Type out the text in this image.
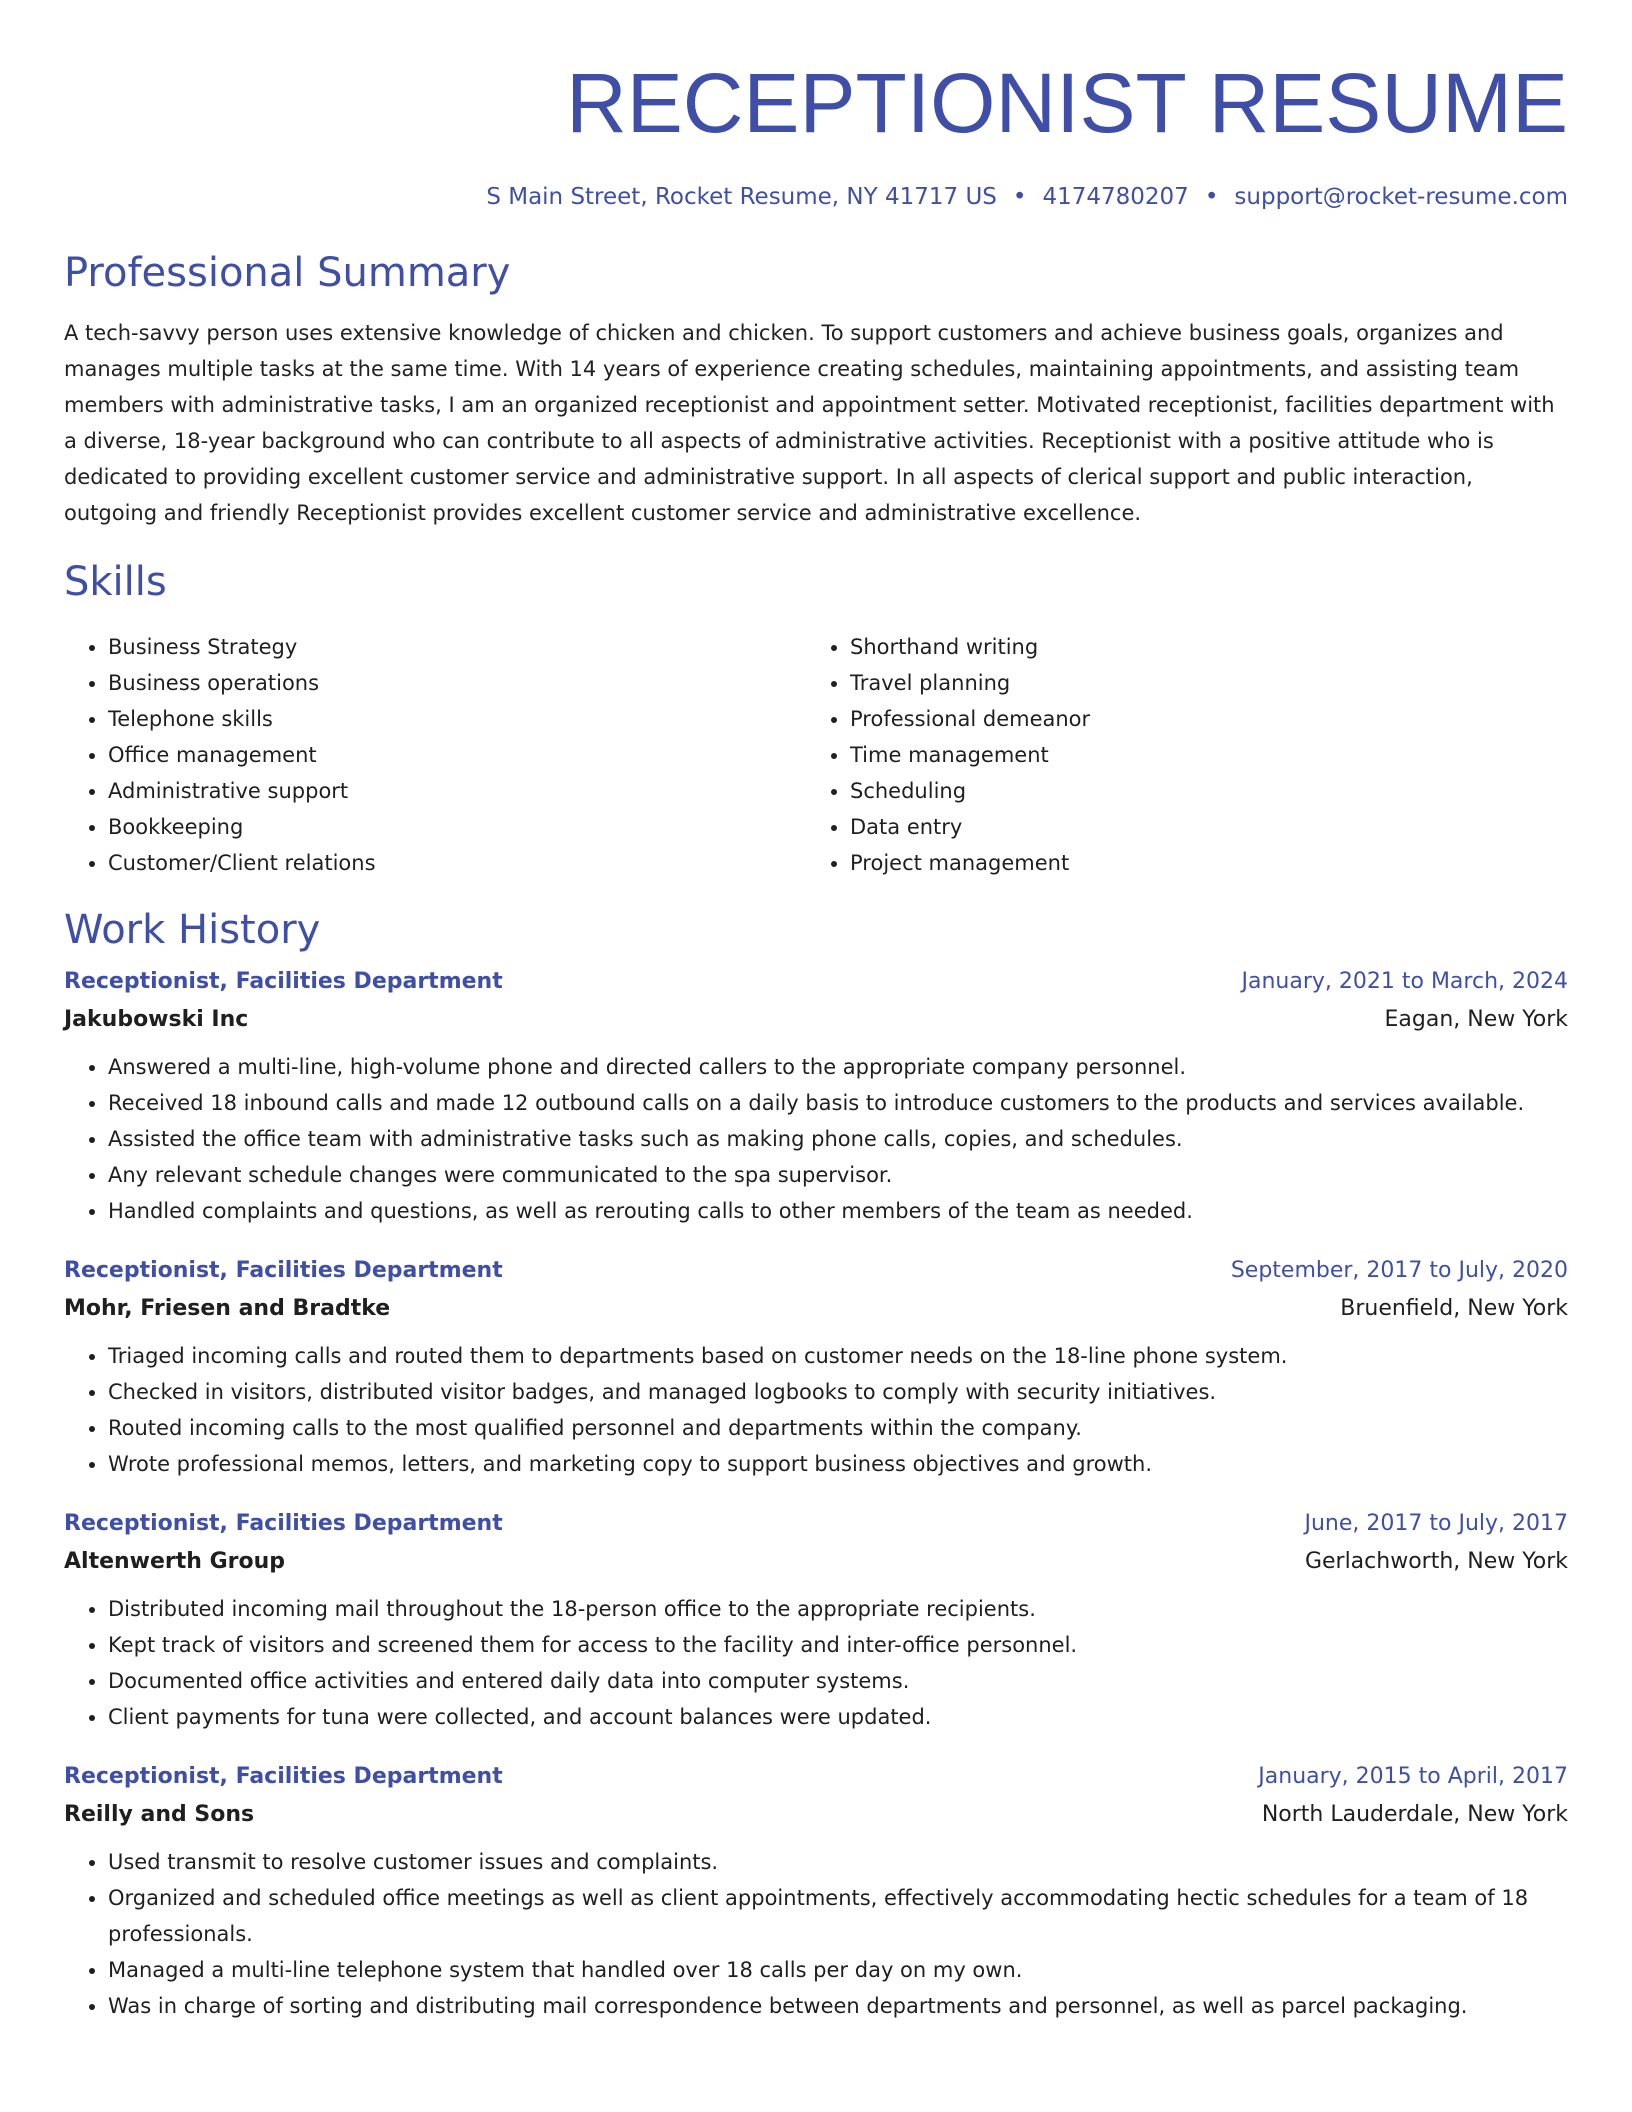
RECEPTIONIST RESUME
S Main Street, Rocket Resume, NY 41717 US • 4174780207 • support@rocket-resume.com
Professional Summary
A tech-savvy person uses extensive knowledge of chicken and chicken. To support customers and achieve business goals, organizes and manages multiple tasks at the same time. With 14 years of experience creating schedules, maintaining appointments, and assisting team members with administrative tasks, I am an organized receptionist and appointment setter. Motivated receptionist, facilities department with a diverse, 18-year background who can contribute to all aspects of administrative activities. Receptionist with a positive attitude who is dedicated to providing excellent customer service and administrative support. In all aspects of clerical support and public interaction, outgoing and friendly Receptionist provides excellent customer service and administrative excellence.
Skills
• Business Strategy
• Business operations
• Telephone skills
• Office management
• Administrative support
• Bookkeeping
• Customer/Client relations
• Shorthand writing
• Travel planning
• Professional demeanor
• Time management
• Scheduling
• Data entry
• Project management
Work History
Receptionist, Facilities Department	January, 2021 to March, 2024
Jakubowski Inc	Eagan, New York
• Answered a multi-line, high-volume phone and directed callers to the appropriate company personnel.
• Received 18 inbound calls and made 12 outbound calls on a daily basis to introduce customers to the products and services available.
• Assisted the office team with administrative tasks such as making phone calls, copies, and schedules.
• Any relevant schedule changes were communicated to the spa supervisor.
• Handled complaints and questions, as well as rerouting calls to other members of the team as needed.
Receptionist, Facilities Department	September, 2017 to July, 2020
Mohr, Friesen and Bradtke	Bruenfield, New York
• Triaged incoming calls and routed them to departments based on customer needs on the 18-line phone system.
• Checked in visitors, distributed visitor badges, and managed logbooks to comply with security initiatives.
• Routed incoming calls to the most qualified personnel and departments within the company.
• Wrote professional memos, letters, and marketing copy to support business objectives and growth.
Receptionist, Facilities Department	June, 2017 to July, 2017
Altenwerth Group	Gerlachworth, New York
• Distributed incoming mail throughout the 18-person office to the appropriate recipients.
• Kept track of visitors and screened them for access to the facility and inter-office personnel.
• Documented office activities and entered daily data into computer systems.
• Client payments for tuna were collected, and account balances were updated.
Receptionist, Facilities Department	January, 2015 to April, 2017
Reilly and Sons	North Lauderdale, New York
• Used transmit to resolve customer issues and complaints.
• Organized and scheduled office meetings as well as client appointments, effectively accommodating hectic schedules for a team of 18 professionals.
• Managed a multi-line telephone system that handled over 18 calls per day on my own.
• Was in charge of sorting and distributing mail correspondence between departments and personnel, as well as parcel packaging.
